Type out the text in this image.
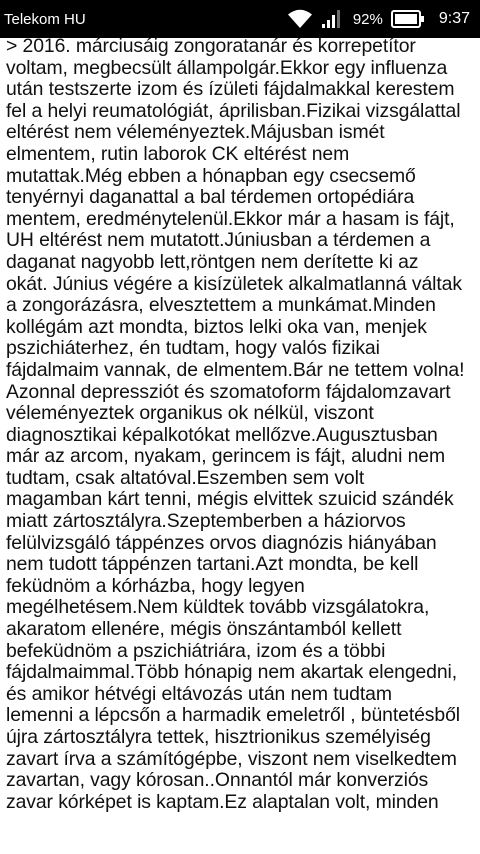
Telekom HU	92%	9:37
> 2016. márciusáig zongoratanár és korrepetítor
voltam, megbecsült állampolgár.Ekkor egy influenza
után testszerte izom és ízületi fájdalmakkal kerestem
fel a helyi reumatológiát, áprilisban.Fizikai vizsgálattal
eltérést nem véleményeztek.Májusban ismét
elmentem, rutin laborok CK eltérést nem
mutattak.Még ebben a hónapban egy csecsemő
tenyérnyi daganattal a bal térdemen ortopédiára
mentem, eredménytelenül.Ekkor már a hasam is fájt,
UH eltérést nem mutatott.Júniusban a térdemen a
daganat nagyobb lett,röntgen nem derítette ki az
okát. Június végére a kisízületek alkalmatlanná váltak
a zongorázásra, elvesztettem a munkámat.Minden
kollégám azt mondta, biztos lelki oka van, menjek
pszichiáterhez, én tudtam, hogy valós fizikai
fájdalmaim vannak, de elmentem.Bár ne tettem volna!
Azonnal depressziót és szomatoform fájdalomzavart
véleményeztek organikus ok nélkül, viszont
diagnosztikai képalkotókat mellőzve.Augusztusban
már az arcom, nyakam, gerincem is fájt, aludni nem
tudtam, csak altatóval.Eszemben sem volt
magamban kárt tenni, mégis elvittek szuicid szándék
miatt zártosztályra.Szeptemberben a háziorvos
felülvizsgáló táppénzes orvos diagnózis hiányában
nem tudott táppénzen tartani.Azt mondta, be kell
feküdnöm a kórházba, hogy legyen
megélhetésem.Nem küldtek tovább vizsgálatokra,
akaratom ellenére, mégis önszántamból kellett
befeküdnöm a pszichiátriára, izom és a többi
fájdalmaimmal.Több hónapig nem akartak elengedni,
és amikor hétvégi eltávozás után nem tudtam
lemenni a lépcsőn a harmadik emeletről , büntetésből
újra zártosztályra tettek, hisztrionikus személyiség
zavart írva a számítógépbe, viszont nem viselkedtem
zavartan, vagy kórosan..Onnantól már konverziós
zavar kórképet is kaptam.Ez alaptalan volt, minden
